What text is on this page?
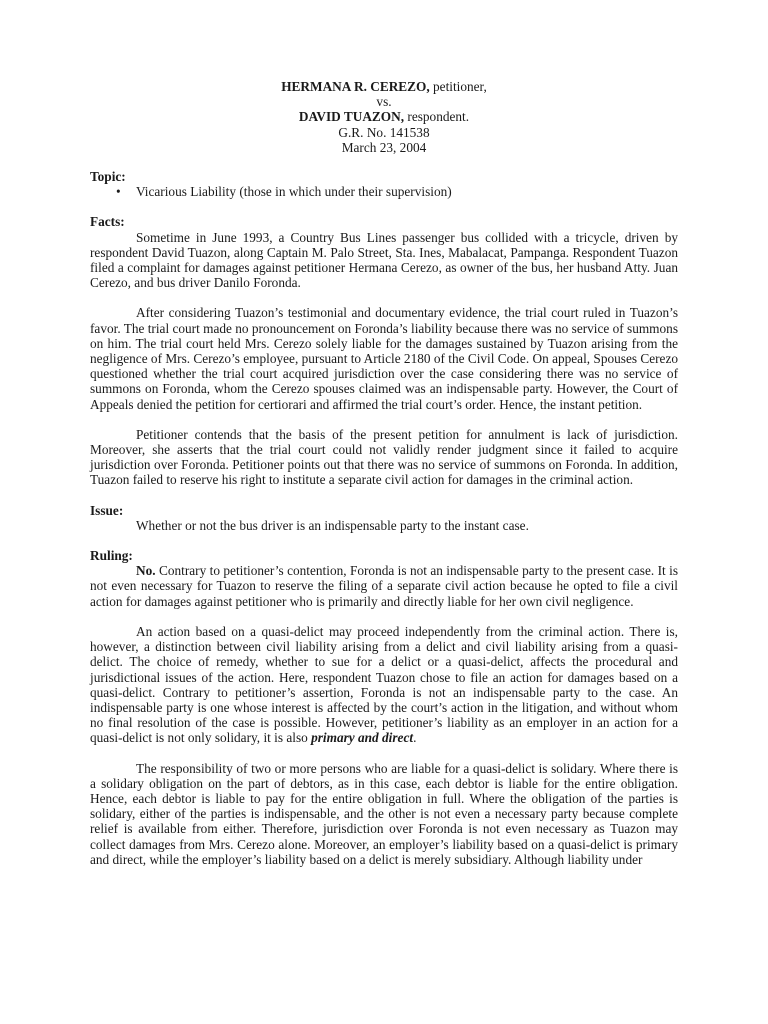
HERMANA R. CEREZO, petitioner,
vs.
DAVID TUAZON, respondent.
G.R. No. 141538
March 23, 2004
Topic:
• Vicarious Liability (those in which under their supervision)
Facts:

Sometime in June 1993, a Country Bus Lines passenger bus collided with a tricycle, driven by respondent David Tuazon, along Captain M. Palo Street, Sta. Ines, Mabalacat, Pampanga. Respondent Tuazon filed a complaint for damages against petitioner Hermana Cerezo, as owner of the bus, her husband Atty. Juan Cerezo, and bus driver Danilo Foronda.

After considering Tuazon’s testimonial and documentary evidence, the trial court ruled in Tuazon’s favor. The trial court made no pronouncement on Foronda’s liability because there was no service of summons on him. The trial court held Mrs. Cerezo solely liable for the damages sustained by Tuazon arising from the negligence of Mrs. Cerezo’s employee, pursuant to Article 2180 of the Civil Code. On appeal, Spouses Cerezo questioned whether the trial court acquired jurisdiction over the case considering there was no service of summons on Foronda, whom the Cerezo spouses claimed was an indispensable party. However, the Court of Appeals denied the petition for certiorari and affirmed the trial court’s order. Hence, the instant petition.

Petitioner contends that the basis of the present petition for annulment is lack of jurisdiction. Moreover, she asserts that the trial court could not validly render judgment since it failed to acquire jurisdiction over Foronda. Petitioner points out that there was no service of summons on Foronda. In addition, Tuazon failed to reserve his right to institute a separate civil action for damages in the criminal action.

Issue:
Whether or not the bus driver is an indispensable party to the instant case.
Ruling:

No. Contrary to petitioner’s contention, Foronda is not an indispensable party to the present case. It is not even necessary for Tuazon to reserve the filing of a separate civil action because he opted to file a civil action for damages against petitioner who is primarily and directly liable for her own civil negligence.

An action based on a quasi-delict may proceed independently from the criminal action. There is, however, a distinction between civil liability arising from a delict and civil liability arising from a quasi-delict. The choice of remedy, whether to sue for a delict or a quasi-delict, affects the procedural and jurisdictional issues of the action. Here, respondent Tuazon chose to file an action for damages based on a quasi-delict. Contrary to petitioner’s assertion, Foronda is not an indispensable party to the case. An indispensable party is one whose interest is affected by the court’s action in the litigation, and without whom no final resolution of the case is possible. However, petitioner’s liability as an employer in an action for a quasi-delict is not only solidary, it is also primary and direct.

The responsibility of two or more persons who are liable for a quasi-delict is solidary. Where there is a solidary obligation on the part of debtors, as in this case, each debtor is liable for the entire obligation. Hence, each debtor is liable to pay for the entire obligation in full. Where the obligation of the parties is solidary, either of the parties is indispensable, and the other is not even a necessary party because complete relief is available from either. Therefore, jurisdiction over Foronda is not even necessary as Tuazon may collect damages from Mrs. Cerezo alone. Moreover, an employer’s liability based on a quasi-delict is primary and direct, while the employer’s liability based on a delict is merely subsidiary. Although liability under
